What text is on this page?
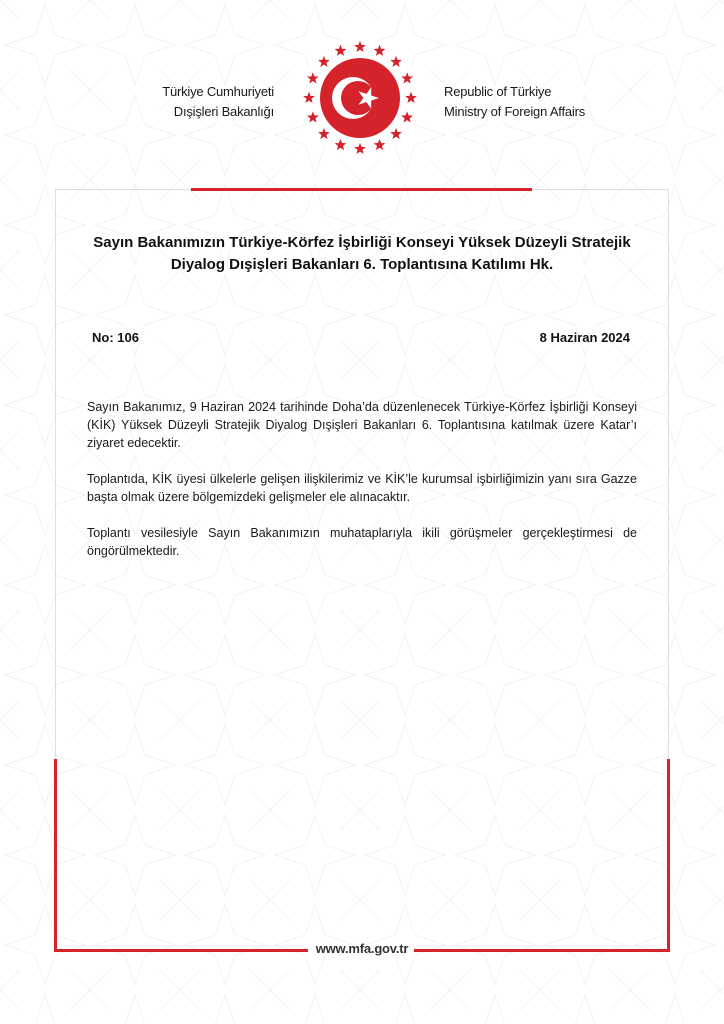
Türkiye Cumhuriyeti
Dışişleri Bakanlığı
Republic of Türkiye
Ministry of Foreign Affairs
Sayın Bakanımızın Türkiye-Körfez İşbirliği Konseyi Yüksek Düzeyli Stratejik Diyalog Dışişleri Bakanları 6. Toplantısına Katılımı Hk.
No: 106	8 Haziran 2024

Sayın Bakanımız, 9 Haziran 2024 tarihinde Doha’da düzenlenecek Türkiye-Körfez İşbirliği Konseyi (KİK) Yüksek Düzeyli Stratejik Diyalog Dışişleri Bakanları 6. Toplantısına katılmak üzere Katar’ı ziyaret edecektir.

Toplantıda, KİK üyesi ülkelerle gelişen ilişkilerimiz ve KİK’le kurumsal işbirliğimizin yanı sıra Gazze başta olmak üzere bölgemizdeki gelişmeler ele alınacaktır.

Toplantı vesilesiyle Sayın Bakanımızın muhataplarıyla ikili görüşmeler gerçekleştirmesi de öngörülmektedir.

www.mfa.gov.tr
